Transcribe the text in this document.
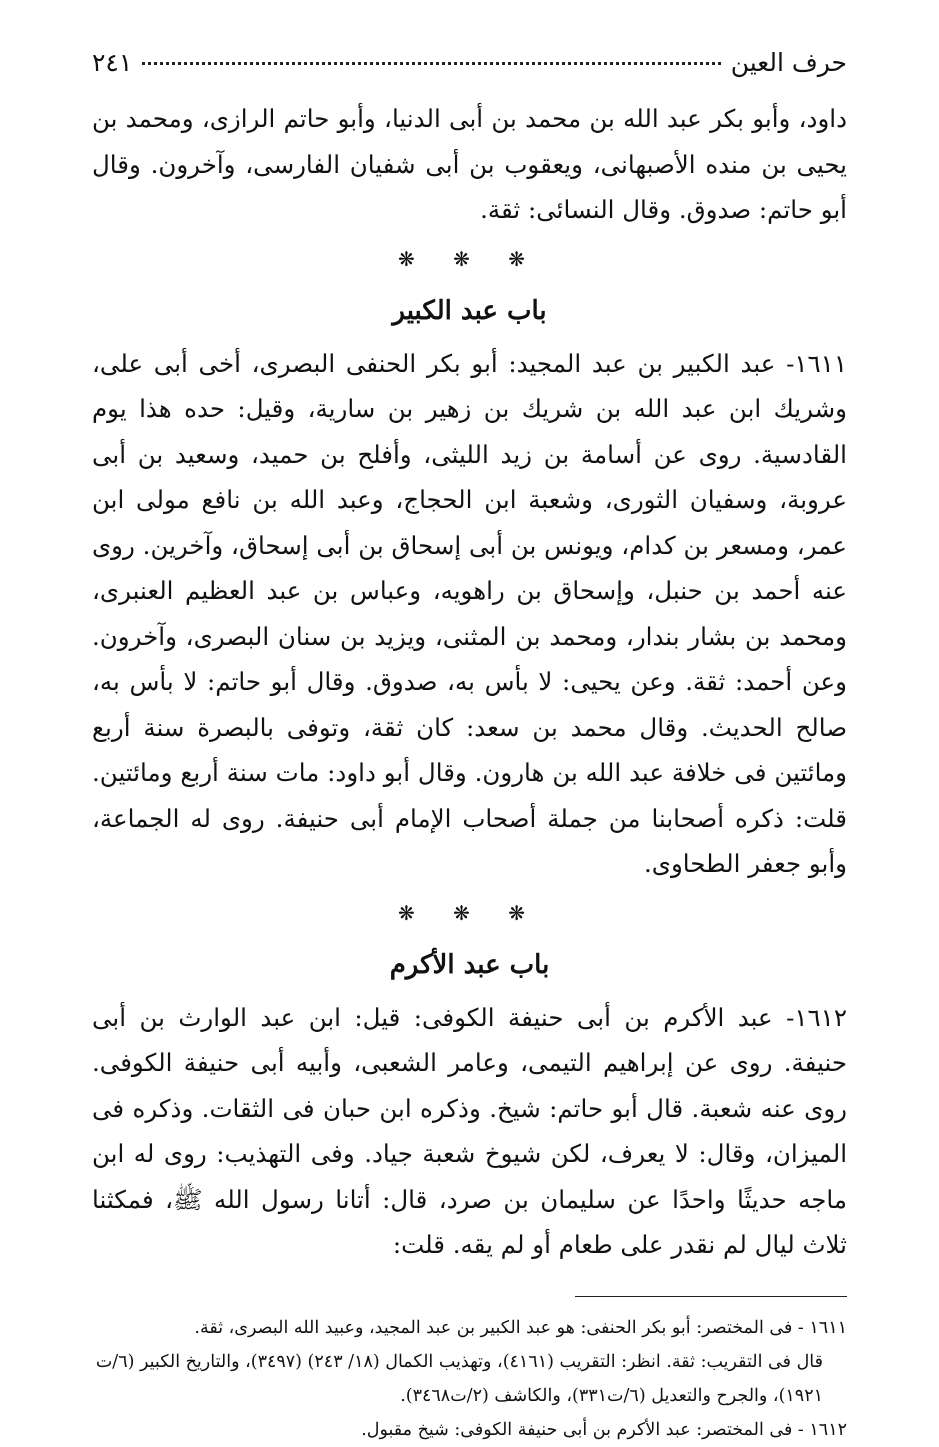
حرف العين
٢٤١

داود، وأبو بكر عبد الله بن محمد بن أبى الدنيا، وأبو حاتم الرازى، ومحمد بن يحيى بن منده الأصبهانى، ويعقوب بن أبى شفيان الفارسى، وآخرون. وقال أبو حاتم: صدوق. وقال النسائى: ثقة.

❋ ❋ ❋
باب عبد الكبير

١٦١١- عبد الكبير بن عبد المجيد: أبو بكر الحنفى البصرى، أخى أبى على، وشريك ابن عبد الله بن شريك بن زهير بن سارية، وقيل: حده هذا يوم القادسية. روى عن أسامة بن زيد الليثى، وأفلح بن حميد، وسعيد بن أبى عروبة، وسفيان الثورى، وشعبة ابن الحجاج، وعبد الله بن نافع مولى ابن عمر، ومسعر بن كدام، ويونس بن أبى إسحاق بن أبى إسحاق، وآخرين. روى عنه أحمد بن حنبل، وإسحاق بن راهويه، وعباس بن عبد العظيم العنبرى، ومحمد بن بشار بندار، ومحمد بن المثنى، ويزيد بن سنان البصرى، وآخرون. وعن أحمد: ثقة. وعن يحيى: لا بأس به، صدوق. وقال أبو حاتم: لا بأس به، صالح الحديث. وقال محمد بن سعد: كان ثقة، وتوفى بالبصرة سنة أربع ومائتين فى خلافة عبد الله بن هارون. وقال أبو داود: مات سنة أربع ومائتين. قلت: ذكره أصحابنا من جملة أصحاب الإمام أبى حنيفة. روى له الجماعة، وأبو جعفر الطحاوى.

❋ ❋ ❋
باب عبد الأكرم

١٦١٢- عبد الأكرم بن أبى حنيفة الكوفى: قيل: ابن عبد الوارث بن أبى حنيفة. روى عن إبراهيم التيمى، وعامر الشعبى، وأبيه أبى حنيفة الكوفى. روى عنه شعبة. قال أبو حاتم: شيخ. وذكره ابن حبان فى الثقات. وذكره فى الميزان، وقال: لا يعرف، لكن شيوخ شعبة جياد. وفى التهذيب: روى له ابن ماجه حديثًا واحدًا عن سليمان بن صرد، قال: أتانا رسول الله ﷺ، فمكثنا ثلاث ليال لم نقدر على طعام أو لم يقه. قلت:

١٦١١ - فى المختصر: أبو بكر الحنفى: هو عبد الكبير بن عبد المجيد، وعبيد الله البصرى، ثقة.

قال فى التقريب: ثقة. انظر: التقريب (٤١٦١)، وتهذيب الكمال (١٨/ ٢٤٣) (٣٤٩٧)، والتاريخ الكبير (٦/ت

١٩٢١)، والجرح والتعديل (٦/ت٣٣١)، والكاشف (٢/ت٣٤٦٨).

١٦١٢ - فى المختصر: عبد الأكرم بن أبى حنيفة الكوفى: شيخ مقبول.
